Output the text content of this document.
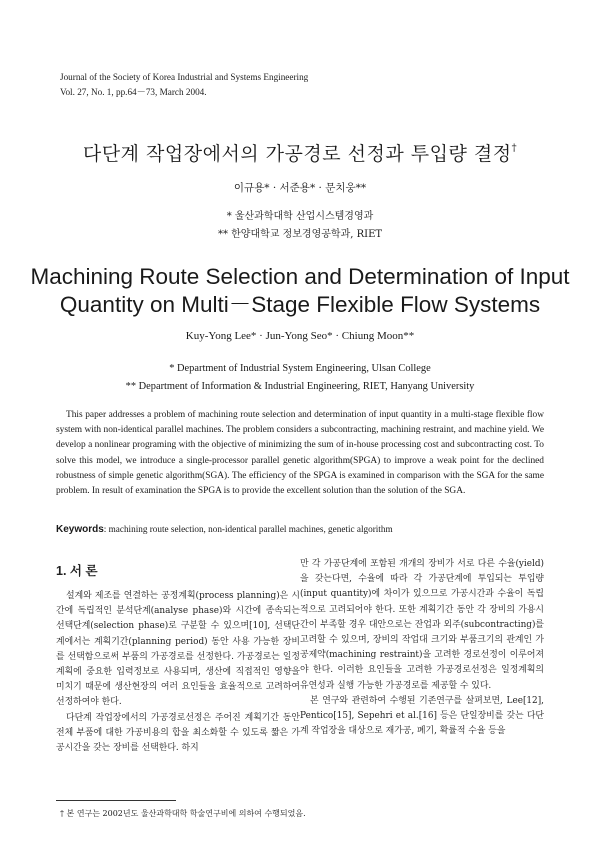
Journal of the Society of Korea Industrial and Systems Engineering
Vol. 27, No. 1, pp.64－73, March 2004.
다단계 작업장에서의 가공경로 선정과 투입량 결정†
이규용* · 서준용* · 문치웅**
* 울산과학대학 산업시스템경영과
** 한양대학교 정보경영공학과, RIET
Machining Route Selection and Determination of Input
Quantity on Multi－Stage Flexible Flow Systems
Kuy-Yong Lee* · Jun-Yong Seo* · Chiung Moon**
* Department of Industrial System Engineering, Ulsan College
** Department of Information & Industrial Engineering, RIET, Hanyang University
This paper addresses a problem of machining route selection and determination of input quantity in a multi-stage flexible flow system with non-identical parallel machines. The problem considers a subcontracting, machining restraint, and machine yield. We develop a nonlinear programing with the objective of minimizing the sum of in-house processing cost and subcontracting cost. To solve this model, we introduce a single-processor parallel genetic algorithm(SPGA) to improve a weak point for the declined robustness of simple genetic algorithm(SGA). The efficiency of the SPGA is examined in comparison with the SGA for the same problem. In result of examination the SPGA is to provide the excellent solution than the solution of the SGA.
Keywords: machining route selection, non-identical parallel machines, genetic algorithm
1. 서 론

설계와 제조를 연결하는 공정계획(process planning)은 시간에 독립적인 분석단계(analyse phase)와 시간에 종속되는 선택단계(selection phase)로 구분할 수 있으며[10], 선택단계에서는 계획기간(planning period) 동안 사용 가능한 장비를 선택함으로써 부품의 가공경로를 선정한다. 가공경로는 일정계획에 중요한 입력정보로 사용되며, 생산에 직접적인 영향을 미치기 때문에 생산현장의 여러 요인들을 효율적으로 고려하여 선정하여야 한다.

다단계 작업장에서의 가공경로선정은 주어진 계획기간 동안 전체 부품에 대한 가공비용의 합을 최소화할 수 있도록 짧은 가공시간을 갖는 장비를 선택한다. 하지

만 각 가공단계에 포함된 개개의 장비가 서로 다른 수율(yield)을 갖는다면, 수율에 따라 각 가공단계에 투입되는 투입량(input quantity)에 차이가 있으므로 가공시간과 수율이 독립적으로 고려되어야 한다. 또한 계획기간 동안 각 장비의 가용시간이 부족할 경우 대안으로는 잔업과 외주(subcontracting)를 고려할 수 있으며, 장비의 작업대 크기와 부품크기의 관계인 가공제약(machining restraint)을 고려한 경로선정이 이루어져야 한다. 이러한 요인들을 고려한 가공경로선정은 일정계획의 유연성과 실행 가능한 가공경로를 제공할 수 있다.

본 연구와 관련하여 수행된 기존연구를 살펴보면, Lee[12], Pentico[15], Sepehri et al.[16] 등은 단일장비를 갖는 다단계 작업장을 대상으로 재가공, 폐기, 확률적 수율 등을

† 본 연구는 2002년도 울산과학대학 학술연구비에 의하여 수행되었음.
